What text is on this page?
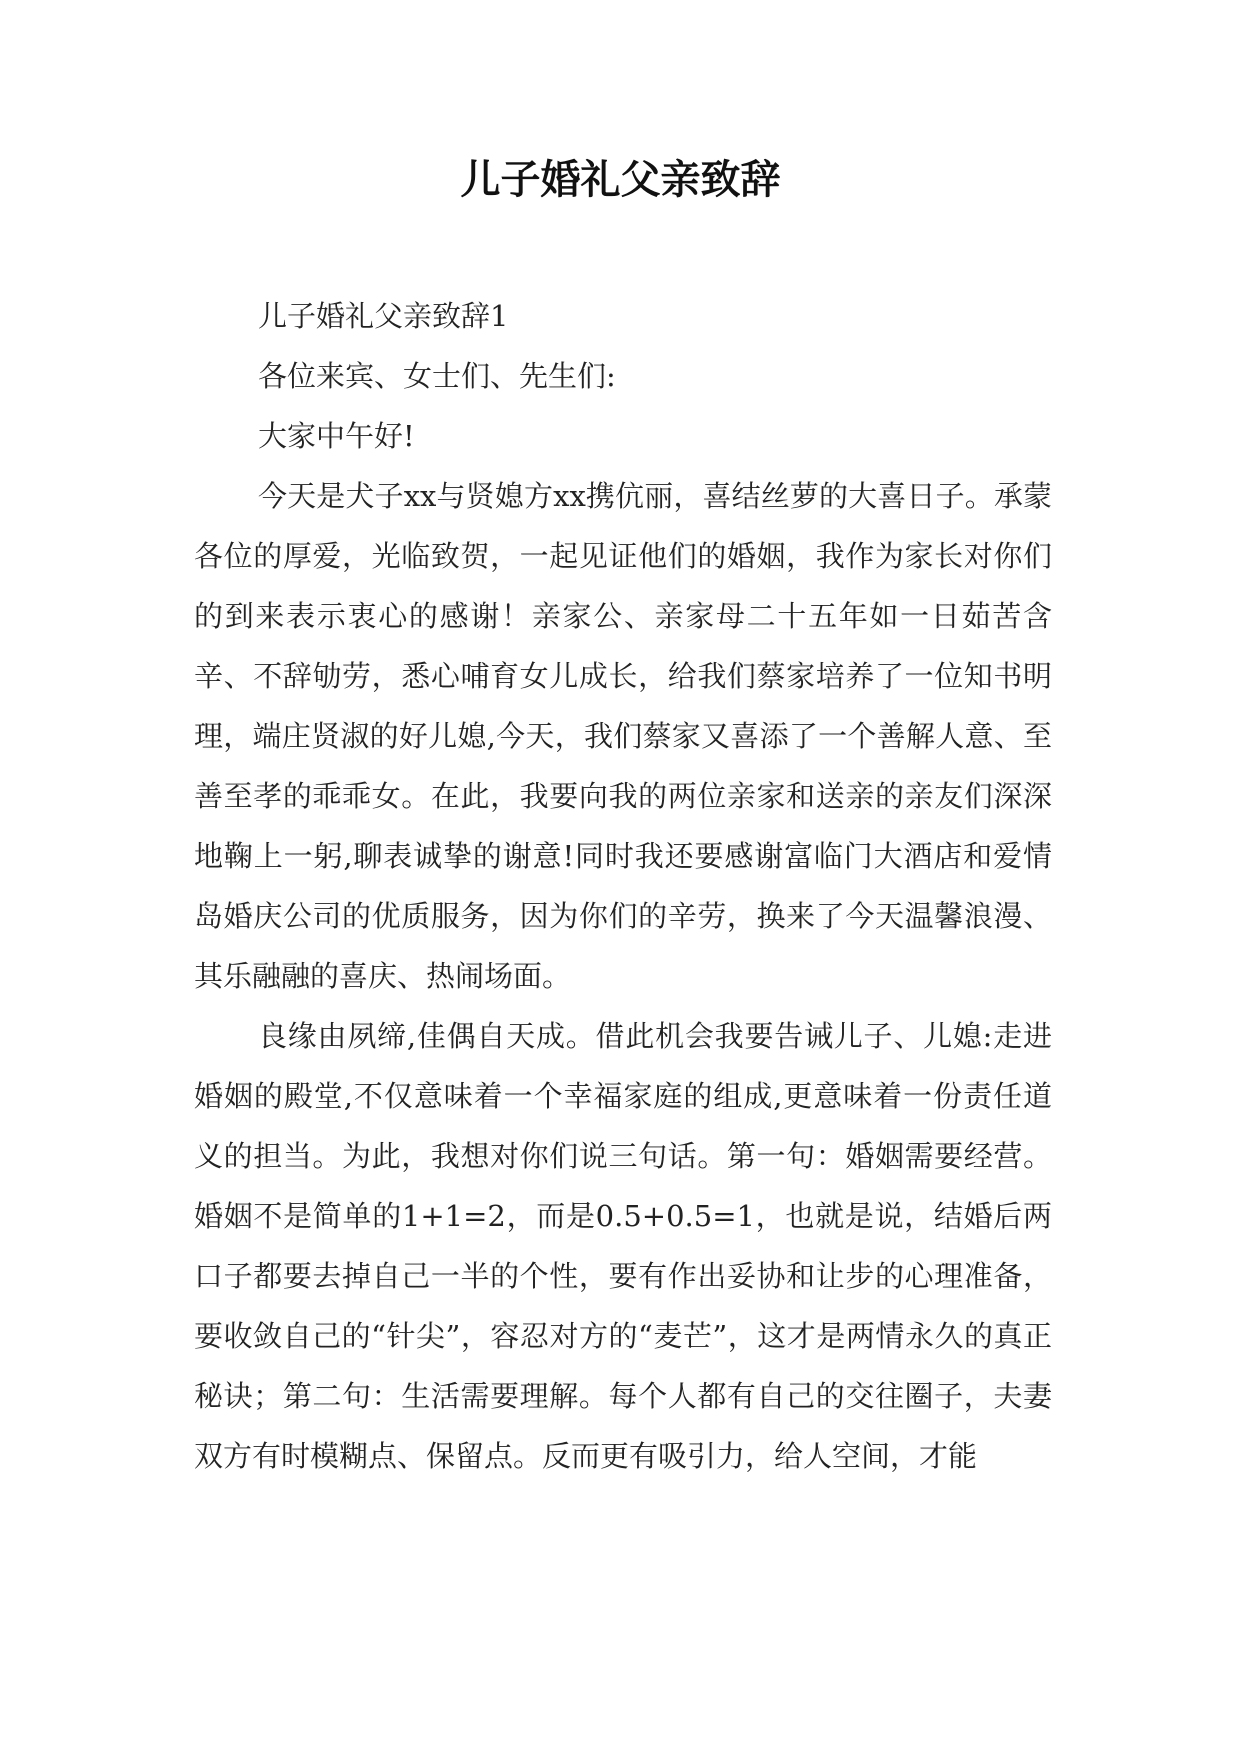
儿子婚礼父亲致辞

儿子婚礼父亲致辞1

各位来宾、女士们、先生们:

大家中午好!

今天是犬子xx与贤媳方xx携伉丽，喜结丝萝的大喜日子。承蒙各位的厚爱，光临致贺，一起见证他们的婚姻，我作为家长对你们的到来表示衷心的感谢！亲家公、亲家母二十五年如一日茹苦含辛、不辞劬劳，悉心哺育女儿成长，给我们蔡家培养了一位知书明理，端庄贤淑的好儿媳,今天，我们蔡家又喜添了一个善解人意、至善至孝的乖乖女。在此，我要向我的两位亲家和送亲的亲友们深深地鞠上一躬,聊表诚挚的谢意!同时我还要感谢富临门大酒店和爱情岛婚庆公司的优质服务，因为你们的辛劳，换来了今天温馨浪漫、其乐融融的喜庆、热闹场面。

良缘由夙缔,佳偶自天成。借此机会我要告诫儿子、儿媳:走进婚姻的殿堂,不仅意味着一个幸福家庭的组成,更意味着一份责任道义的担当。为此，我想对你们说三句话。第一句：婚姻需要经营。婚姻不是简单的1+1=2，而是0.5+0.5=1，也就是说，结婚后两口子都要去掉自己一半的个性，要有作出妥协和让步的心理准备，要收敛自己的“针尖”，容忍对方的“麦芒”，这才是两情永久的真正秘诀；第二句：生活需要理解。每个人都有自己的交往圈子，夫妻双方有时模糊点、保留点。反而更有吸引力，给人空间，才能
